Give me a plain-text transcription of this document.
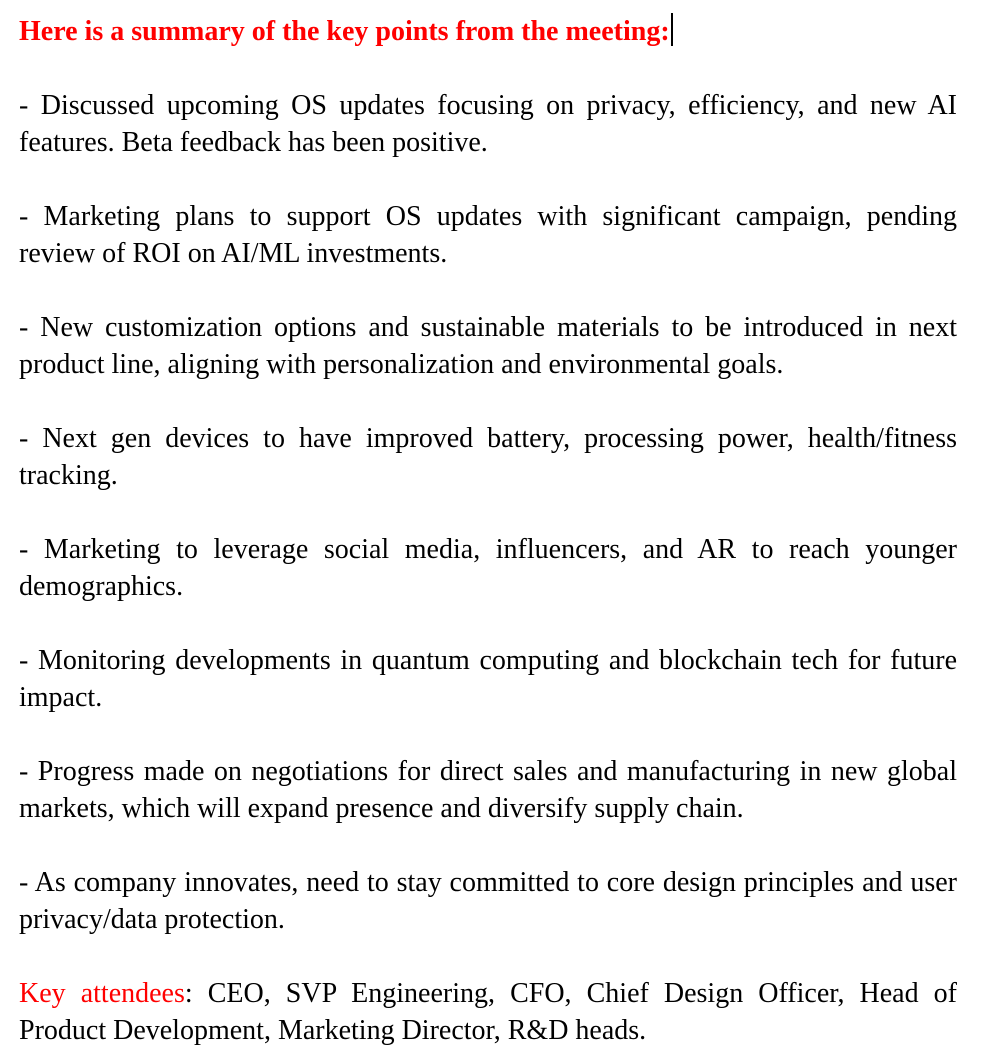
Here is a summary of the key points from the meeting:

- Discussed upcoming OS updates focusing on privacy, efficiency, and new AI features. Beta feedback has been positive.

- Marketing plans to support OS updates with significant campaign, pending review of ROI on AI/ML investments.

- New customization options and sustainable materials to be introduced in next product line, aligning with personalization and environmental goals.

- Next gen devices to have improved battery, processing power, health/fitness tracking.

- Marketing to leverage social media, influencers, and AR to reach younger demographics.

- Monitoring developments in quantum computing and blockchain tech for future impact.

- Progress made on negotiations for direct sales and manufacturing in new global markets, which will expand presence and diversify supply chain.

- As company innovates, need to stay committed to core design principles and user privacy/data protection.

Key attendees: CEO, SVP Engineering, CFO, Chief Design Officer, Head of Product Development, Marketing Director, R&D heads.
